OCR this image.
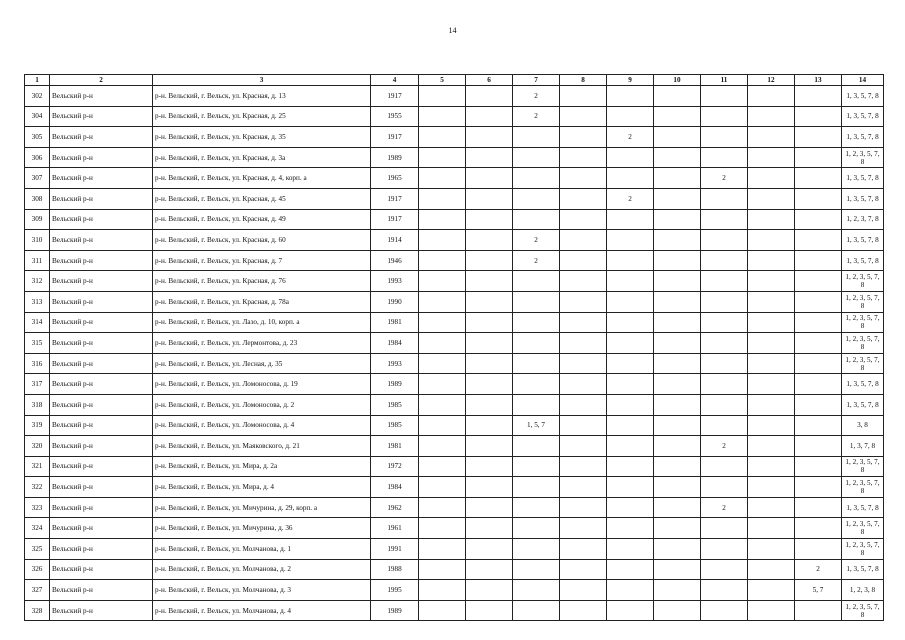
14
1	2	3	4	5	6	7	8	9	10	11	12	13	14
302	Вельский р-н	р-н. Вельский, г. Вельск, ул. Красная, д. 13	1917			2							1, 3, 5, 7, 8
304	Вельский р-н	р-н. Вельский, г. Вельск, ул. Красная, д. 25	1955			2							1, 3, 5, 7, 8
305	Вельский р-н	р-н. Вельский, г. Вельск, ул. Красная, д. 35	1917					2					1, 3, 5, 7, 8
306	Вельский р-н	р-н. Вельский, г. Вельск, ул. Красная, д. 3а	1989										1, 2, 3, 5, 7, 8
307	Вельский р-н	р-н. Вельский, г. Вельск, ул. Красная, д. 4, корп. а	1965							2			1, 3, 5, 7, 8
308	Вельский р-н	р-н. Вельский, г. Вельск, ул. Красная, д. 45	1917					2					1, 3, 5, 7, 8
309	Вельский р-н	р-н. Вельский, г. Вельск, ул. Красная, д. 49	1917										1, 2, 3, 7, 8
310	Вельский р-н	р-н. Вельский, г. Вельск, ул. Красная, д. 60	1914			2							1, 3, 5, 7, 8
311	Вельский р-н	р-н. Вельский, г. Вельск, ул. Красная, д. 7	1946			2							1, 3, 5, 7, 8
312	Вельский р-н	р-н. Вельский, г. Вельск, ул. Красная, д. 76	1993										1, 2, 3, 5, 7, 8
313	Вельский р-н	р-н. Вельский, г. Вельск, ул. Красная, д. 78а	1990										1, 2, 3, 5, 7, 8
314	Вельский р-н	р-н. Вельский, г. Вельск, ул. Лазо, д. 10, корп. а	1981										1, 2, 3, 5, 7, 8
315	Вельский р-н	р-н. Вельский, г. Вельск, ул. Лермонтова, д. 23	1984										1, 2, 3, 5, 7, 8
316	Вельский р-н	р-н. Вельский, г. Вельск, ул. Лесная, д. 35	1993										1, 2, 3, 5, 7, 8
317	Вельский р-н	р-н. Вельский, г. Вельск, ул. Ломоносова, д. 19	1989										1, 3, 5, 7, 8
318	Вельский р-н	р-н. Вельский, г. Вельск, ул. Ломоносова, д. 2	1985										1, 3, 5, 7, 8
319	Вельский р-н	р-н. Вельский, г. Вельск, ул. Ломоносова, д. 4	1985			1, 5, 7							3, 8
320	Вельский р-н	р-н. Вельский, г. Вельск, ул. Маяковского, д. 21	1981							2			1, 3, 7, 8
321	Вельский р-н	р-н. Вельский, г. Вельск, ул. Мира, д. 2а	1972										1, 2, 3, 5, 7, 8
322	Вельский р-н	р-н. Вельский, г. Вельск, ул. Мира, д. 4	1984										1, 2, 3, 5, 7, 8
323	Вельский р-н	р-н. Вельский, г. Вельск, ул. Мичурина, д. 29, корп. а	1962							2			1, 3, 5, 7, 8
324	Вельский р-н	р-н. Вельский, г. Вельск, ул. Мичурина, д. 36	1961										1, 2, 3, 5, 7, 8
325	Вельский р-н	р-н. Вельский, г. Вельск, ул. Молчанова, д. 1	1991										1, 2, 3, 5, 7, 8
326	Вельский р-н	р-н. Вельский, г. Вельск, ул. Молчанова, д. 2	1988									2	1, 3, 5, 7, 8
327	Вельский р-н	р-н. Вельский, г. Вельск, ул. Молчанова, д. 3	1995									5, 7	1, 2, 3, 8
328	Вельский р-н	р-н. Вельский, г. Вельск, ул. Молчанова, д. 4	1989										1, 2, 3, 5, 7, 8
